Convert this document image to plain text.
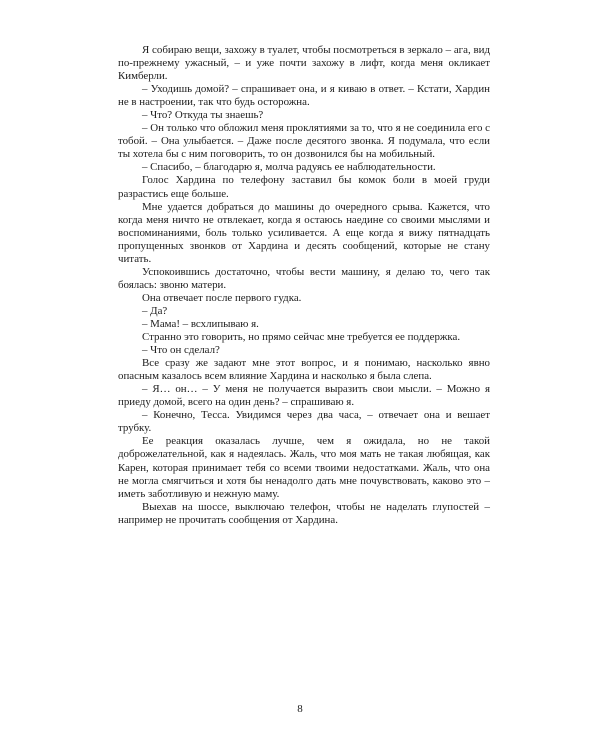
Я собираю вещи, захожу в туалет, чтобы посмотреться в зеркало – ага, вид по-прежнему ужасный, – и уже почти захожу в лифт, когда меня окликает Кимберли.

– Уходишь домой? – спрашивает она, и я киваю в ответ. – Кстати, Хардин не в настроении, так что будь осторожна.

– Что? Откуда ты знаешь?

– Он только что обложил меня проклятиями за то, что я не соединила его с тобой. – Она улыбается. – Даже после десятого звонка. Я подумала, что если ты хотела бы с ним поговорить, то он дозвонился бы на мобильный.

– Спасибо, – благодарю я, молча радуясь ее наблюдательности.

Голос Хардина по телефону заставил бы комок боли в моей груди разрастись еще больше.

Мне удается добраться до машины до очередного срыва. Кажется, что когда меня ничто не отвлекает, когда я остаюсь наедине со своими мыслями и воспоминаниями, боль только усиливается. А еще когда я вижу пятнадцать пропущенных звонков от Хардина и десять сообщений, которые не стану читать.

Успокоившись достаточно, чтобы вести машину, я делаю то, чего так боялась: звоню матери.

Она отвечает после первого гудка.

– Да?

– Мама! – всхлипываю я.

Странно это говорить, но прямо сейчас мне требуется ее поддержка.

– Что он сделал?

Все сразу же задают мне этот вопрос, и я понимаю, насколько явно опасным казалось всем влияние Хардина и насколько я была слепа.

– Я… он… – У меня не получается выразить свои мысли. – Можно я приеду домой, всего на один день? – спрашиваю я.

– Конечно, Тесса. Увидимся через два часа, – отвечает она и вешает трубку.

Ее реакция оказалась лучше, чем я ожидала, но не такой доброжелательной, как я надеялась. Жаль, что моя мать не такая любящая, как Карен, которая принимает тебя со всеми твоими недостатками. Жаль, что она не могла смягчиться и хотя бы ненадолго дать мне почувствовать, каково это – иметь заботливую и нежную маму.

Выехав на шоссе, выключаю телефон, чтобы не наделать глупостей – например не прочитать сообщения от Хардина.

8
